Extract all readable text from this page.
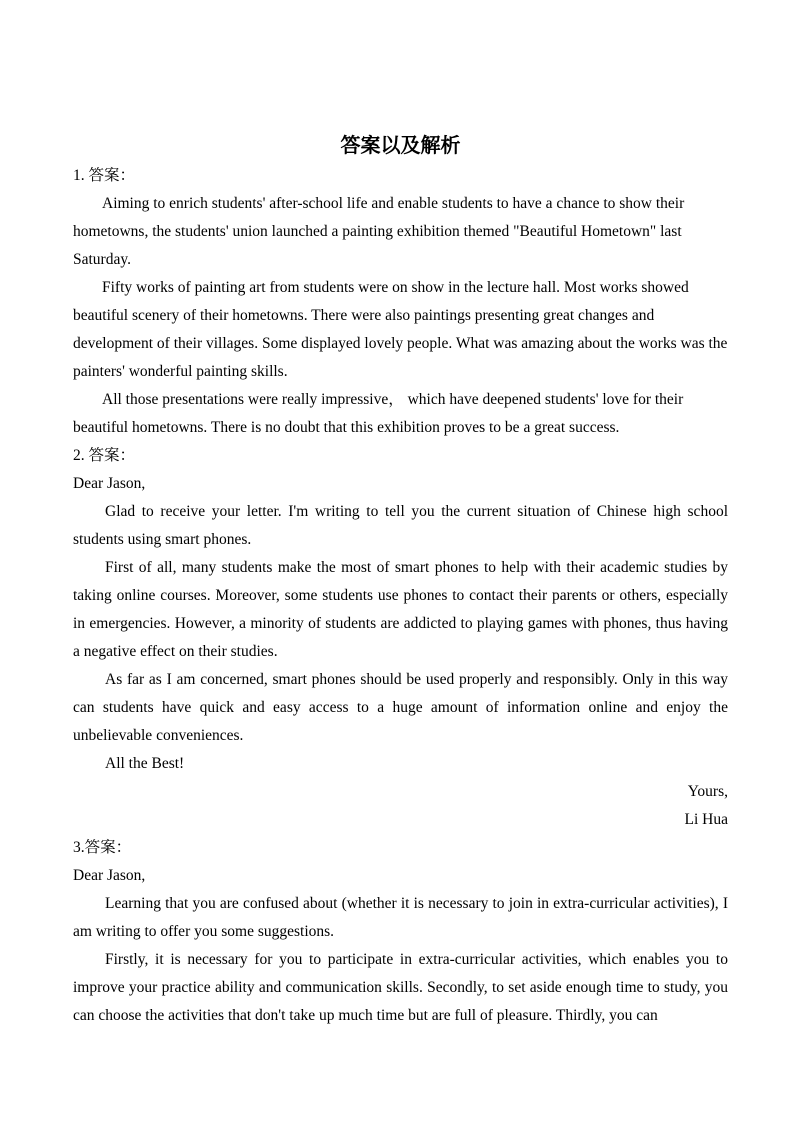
答案以及解析
1. 答案：
Aiming to enrich students' after-school life and enable students to have a chance to show their hometowns, the students' union launched a painting exhibition themed "Beautiful Hometown" last Saturday.
Fifty works of painting art from students were on show in the lecture hall. Most works showed beautiful scenery of their hometowns. There were also paintings presenting great changes and development of their villages. Some displayed lovely people. What was amazing about the works was the painters' wonderful painting skills.
All those presentations were really impressive， which have deepened students' love for their beautiful hometowns. There is no doubt that this exhibition proves to be a great success.
2. 答案：
Dear Jason,
Glad to receive your letter. I'm writing to tell you the current situation of Chinese high school students using smart phones.
First of all, many students make the most of smart phones to help with their academic studies by taking online courses. Moreover, some students use phones to contact their parents or others, especially in emergencies. However, a minority of students are addicted to playing games with phones, thus having a negative effect on their studies.
As far as I am concerned, smart phones should be used properly and responsibly. Only in this way can students have quick and easy access to a huge amount of information online and enjoy the unbelievable conveniences.
All the Best!
Yours,
Li Hua
3.答案：
Dear Jason,
Learning that you are confused about (whether it is necessary to join in extra-curricular activities), I am writing to offer you some suggestions.
Firstly, it is necessary for you to participate in extra-curricular activities, which enables you to improve your practice ability and communication skills. Secondly, to set aside enough time to study, you can choose the activities that don't take up much time but are full of pleasure. Thirdly, you can
